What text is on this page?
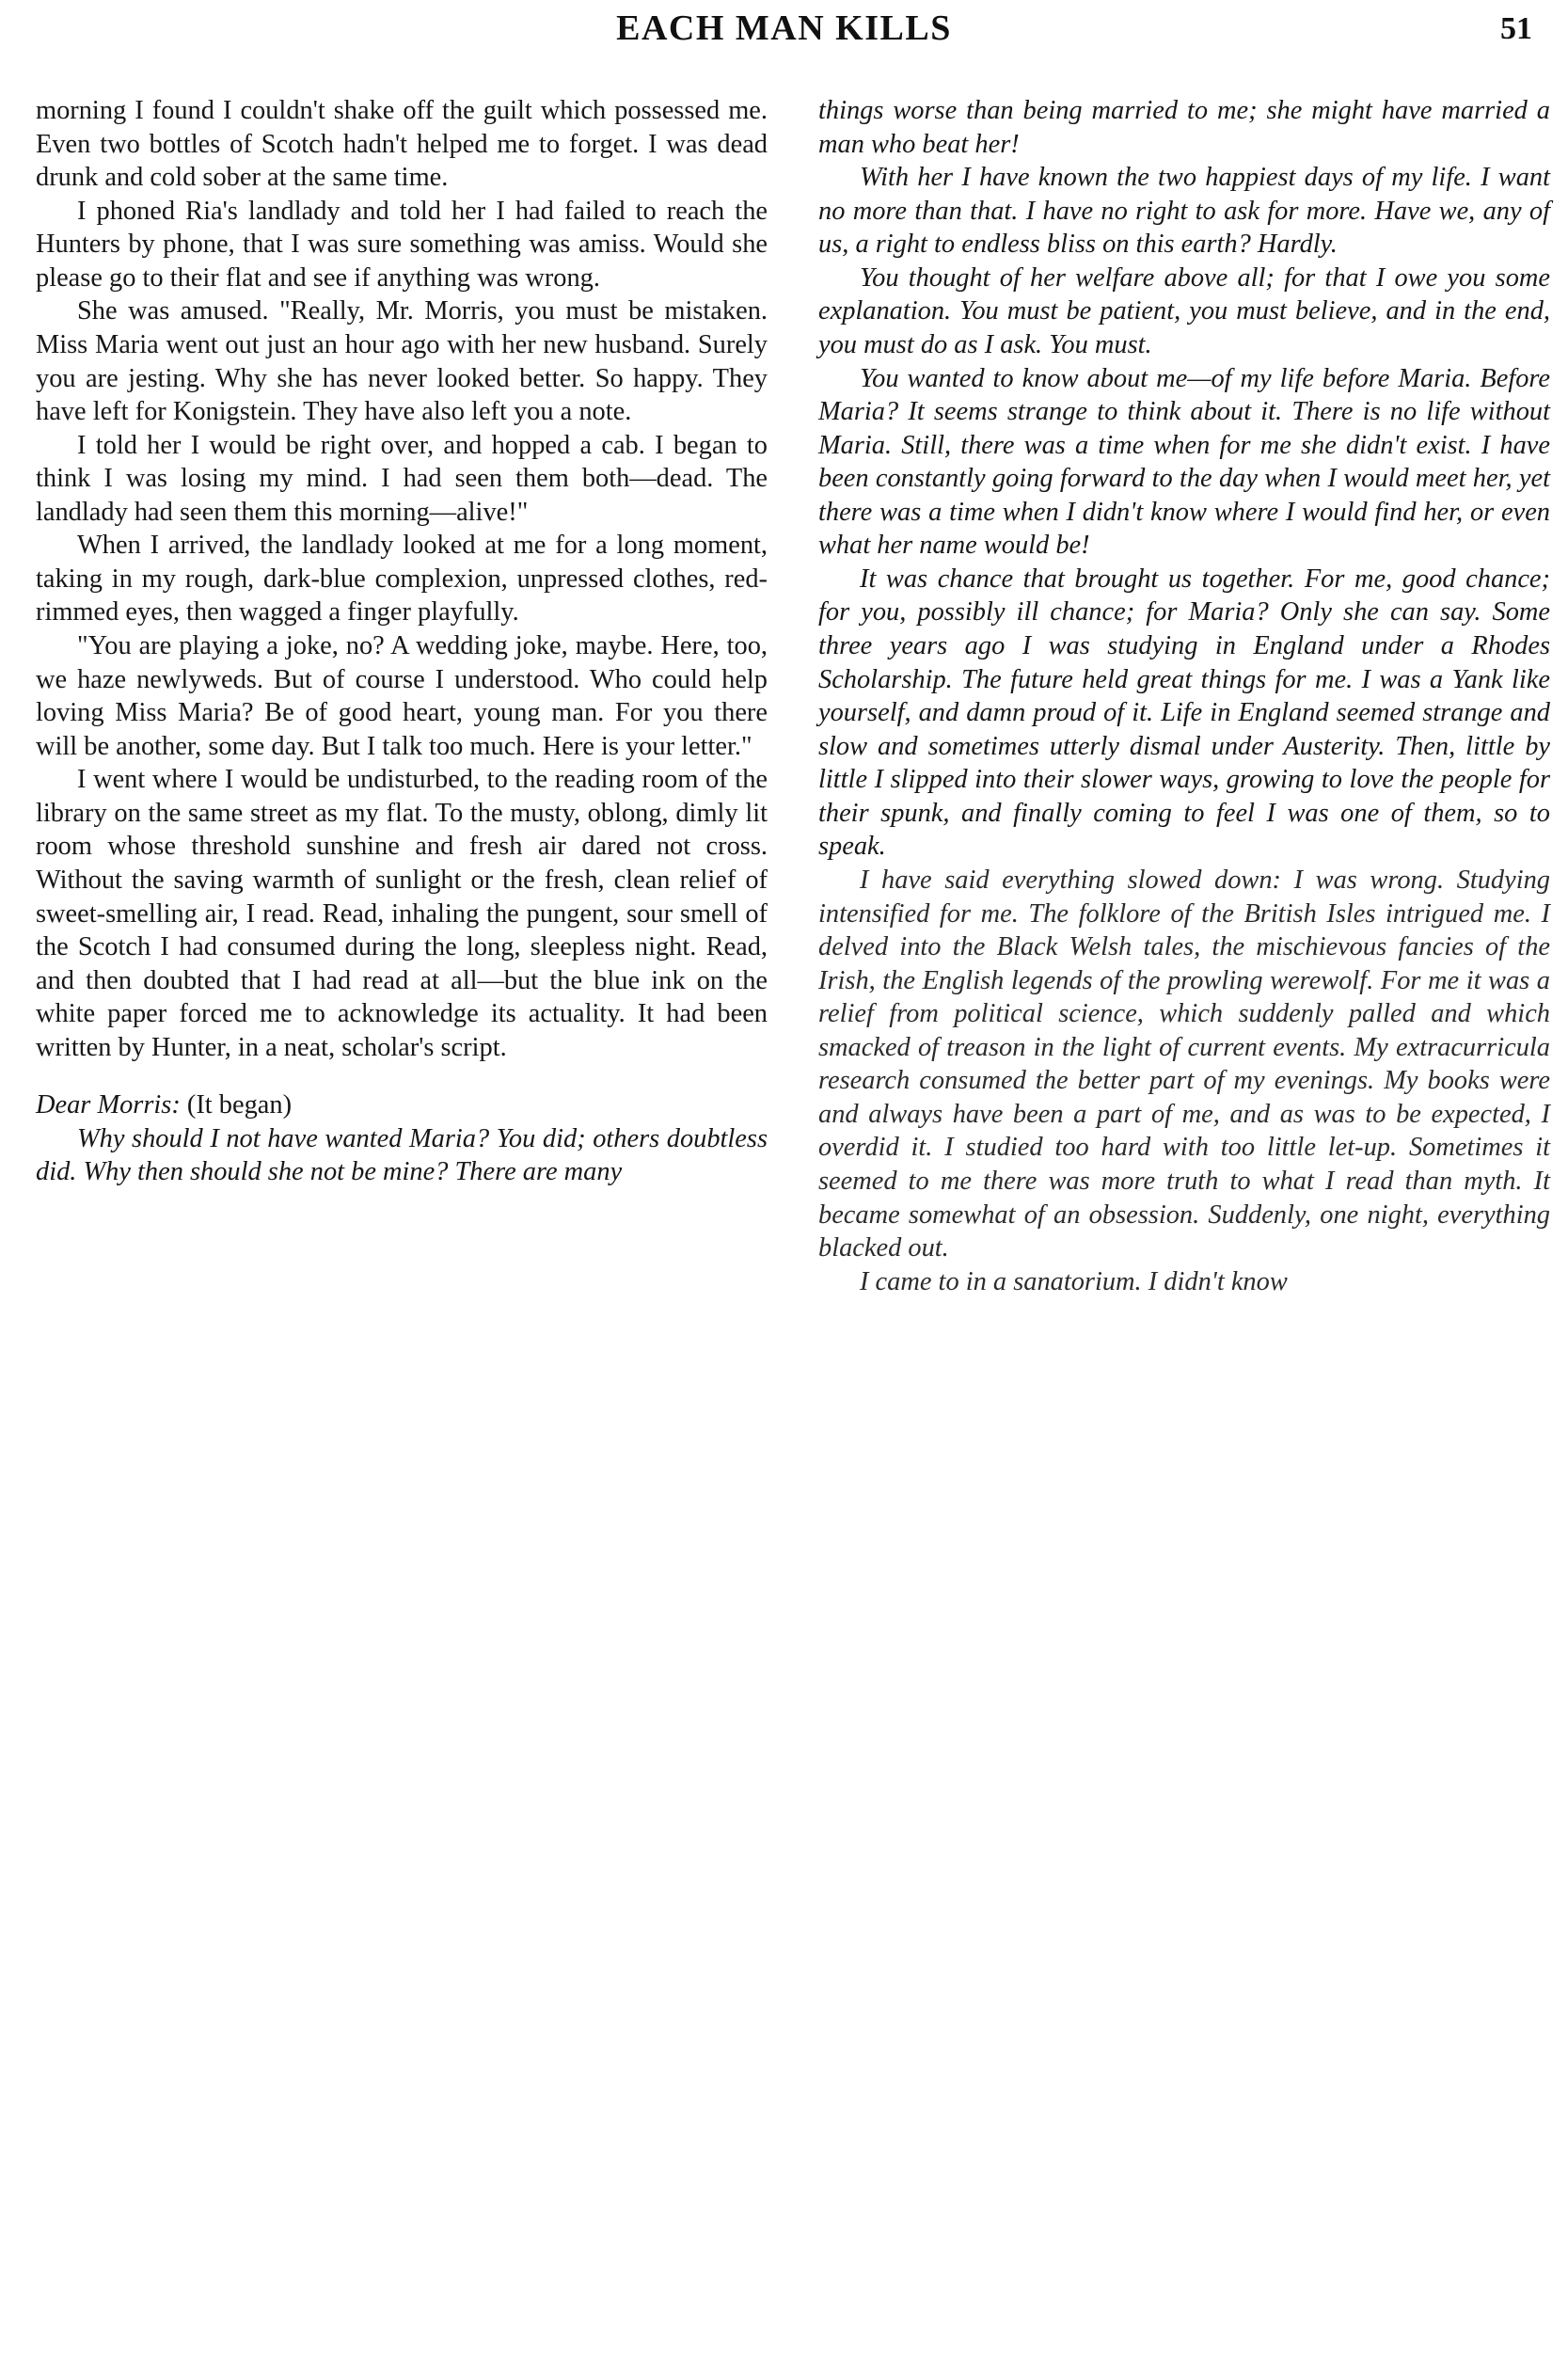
EACH MAN KILLS	51

morning I found I couldn't shake off the guilt which possessed me. Even two bottles of Scotch hadn't helped me to forget. I was dead drunk and cold sober at the same time.

I phoned Ria's landlady and told her I had failed to reach the Hunters by phone, that I was sure something was amiss. Would she please go to their flat and see if anything was wrong.

She was amused. "Really, Mr. Morris, you must be mistaken. Miss Maria went out just an hour ago with her new husband. Surely you are jesting. Why she has never looked better. So happy. They have left for Konigstein. They have also left you a note.

I told her I would be right over, and hopped a cab. I began to think I was losing my mind. I had seen them both—dead. The landlady had seen them this morning—alive!"

When I arrived, the landlady looked at me for a long moment, taking in my rough, dark-blue complexion, unpressed clothes, red-rimmed eyes, then wagged a finger playfully.

"You are playing a joke, no? A wedding joke, maybe. Here, too, we haze newlyweds. But of course I understood. Who could help loving Miss Maria? Be of good heart, young man. For you there will be another, some day. But I talk too much. Here is your letter."

I went where I would be undisturbed, to the reading room of the library on the same street as my flat. To the musty, oblong, dimly lit room whose threshold sunshine and fresh air dared not cross. Without the saving warmth of sunlight or the fresh, clean relief of sweet-smelling air, I read. Read, inhaling the pungent, sour smell of the Scotch I had consumed during the long, sleepless night. Read, and then doubted that I had read at all—but the blue ink on the white paper forced me to acknowledge its actuality. It had been written by Hunter, in a neat, scholar's script.

Dear Morris: (It began)

Why should I not have wanted Maria? You did; others doubtless did. Why then should she not be mine? There are many

things worse than being married to me; she might have married a man who beat her!

With her I have known the two happiest days of my life. I want no more than that. I have no right to ask for more. Have we, any of us, a right to endless bliss on this earth? Hardly.

You thought of her welfare above all; for that I owe you some explanation. You must be patient, you must believe, and in the end, you must do as I ask. You must.

You wanted to know about me—of my life before Maria. Before Maria? It seems strange to think about it. There is no life without Maria. Still, there was a time when for me she didn't exist. I have been constantly going forward to the day when I would meet her, yet there was a time when I didn't know where I would find her, or even what her name would be!

It was chance that brought us together. For me, good chance; for you, possibly ill chance; for Maria? Only she can say. Some three years ago I was studying in England under a Rhodes Scholarship. The future held great things for me. I was a Yank like yourself, and damn proud of it. Life in England seemed strange and slow and sometimes utterly dismal under Austerity. Then, little by little I slipped into their slower ways, growing to love the people for their spunk, and finally coming to feel I was one of them, so to speak.

I have said everything slowed down: I was wrong. Studying intensified for me. The folklore of the British Isles intrigued me. I delved into the Black Welsh tales, the mischievous fancies of the Irish, the English legends of the prowling werewolf. For me it was a relief from political science, which suddenly palled and which smacked of treason in the light of current events. My extracurricula research consumed the better part of my evenings. My books were and always have been a part of me, and as was to be expected, I overdid it. I studied too hard with too little let-up. Sometimes it seemed to me there was more truth to what I read than myth. It became somewhat of an obsession. Suddenly, one night, everything blacked out.

I came to in a sanatorium. I didn't know
